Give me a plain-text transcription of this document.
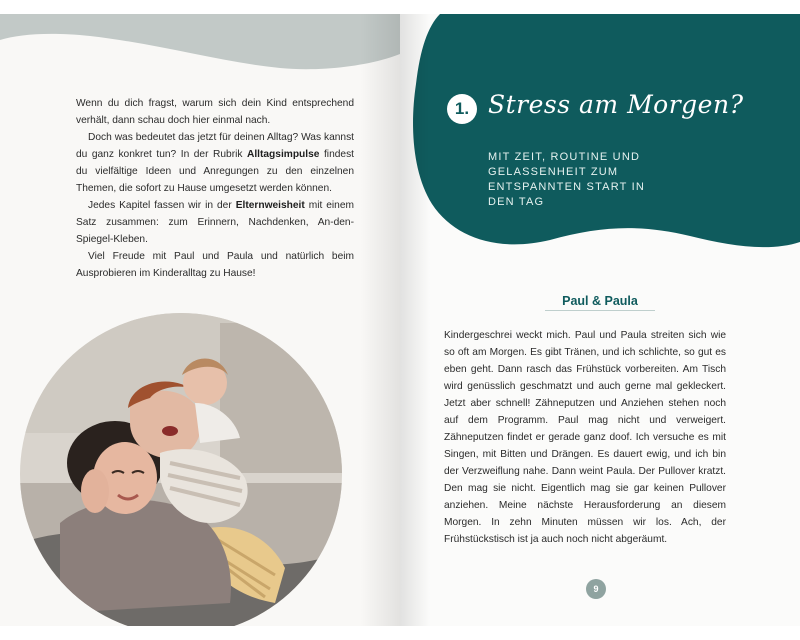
Wenn du dich fragst, warum sich dein Kind entsprechend verhält, dann schau doch hier einmal nach.

Doch was bedeutet das jetzt für deinen Alltag? Was kannst du ganz konkret tun? In der Rubrik Alltagsimpulse findest du vielfältige Ideen und Anregungen zu den einzelnen Themen, die sofort zu Hause umgesetzt werden können.

Jedes Kapitel fassen wir in der Elternweisheit mit einem Satz zusammen: zum Erinnern, Nachdenken, An-den-Spiegel-Kleben.

Viel Freude mit Paul und Paula und natürlich beim Ausprobieren im Kinderalltag zu Hause!

1. Stress am Morgen?
MIT ZEIT, ROUTINE UND
GELASSENHEIT ZUM
ENTSPANNTEN START IN
DEN TAG
Paul & Paula

Kindergeschrei weckt mich. Paul und Paula streiten sich wie so oft am Morgen. Es gibt Tränen, und ich schlichte, so gut es eben geht. Dann rasch das Frühstück vorbereiten. Am Tisch wird genüsslich geschmatzt und auch gerne mal gekleckert. Jetzt aber schnell! Zähneputzen und Anziehen stehen noch auf dem Programm. Paul mag nicht und verweigert. Zähneputzen findet er gerade ganz doof. Ich versuche es mit Singen, mit Bitten und Drängen. Es dauert ewig, und ich bin der Verzweiflung nahe. Dann weint Paula. Der Pullover kratzt. Den mag sie nicht. Eigentlich mag sie gar keinen Pullover anziehen. Meine nächste Herausforderung an diesem Morgen. In zehn Minuten müssen wir los. Ach, der Frühstückstisch ist ja auch noch nicht abgeräumt.

9
